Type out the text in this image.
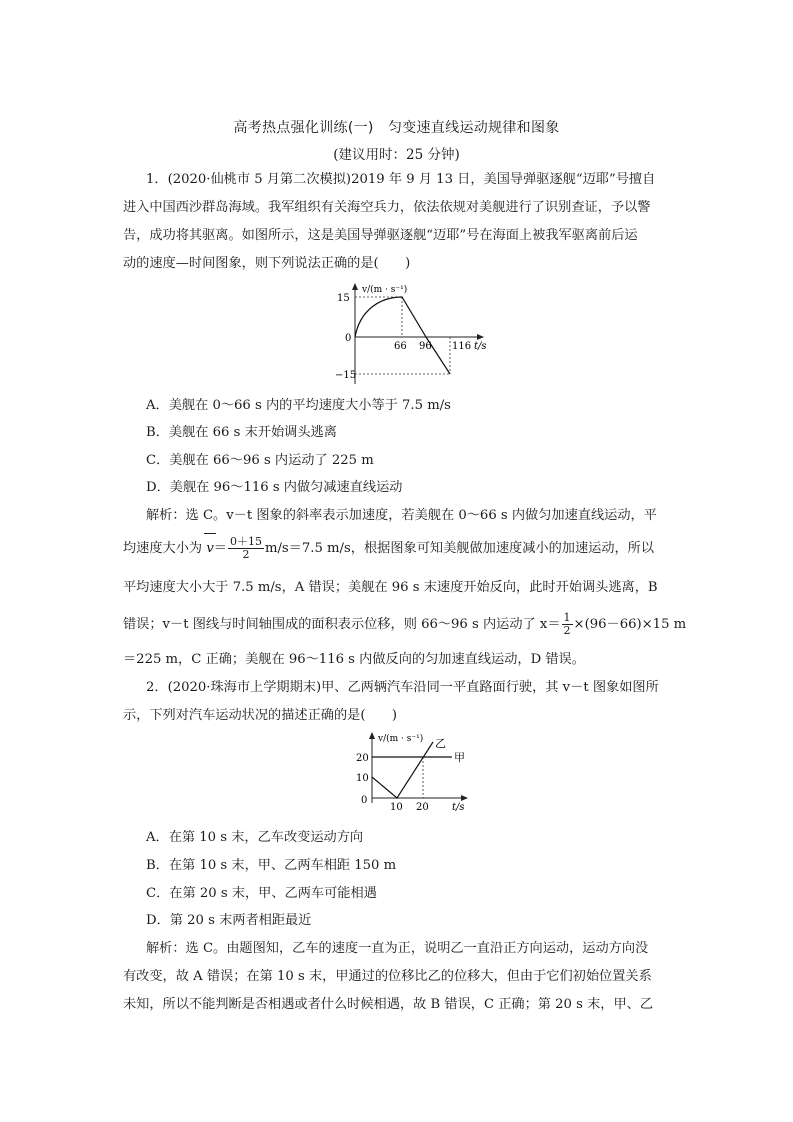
高考热点强化训练(一)　匀变速直线运动规律和图象
(建议用时：25 分钟)
1．(2020·仙桃市 5 月第二次模拟)2019 年 9 月 13 日，美国导弹驱逐舰“迈耶”号擅自
进入中国西沙群岛海域。我军组织有关海空兵力，依法依规对美舰进行了识别查证，予以警
告，成功将其驱离。如图所示，这是美国导弹驱逐舰“迈耶”号在海面上被我军驱离前后运
动的速度—时间图象，则下列说法正确的是(　　)
v/(m · s⁻¹)
15
0
−15
66 96 116 t/s
A．美舰在 0～66 s 内的平均速度大小等于 7.5 m/s
B．美舰在 66 s 末开始调头逃离
C．美舰在 66～96 s 内运动了 225 m
D．美舰在 96～116 s 内做匀减速直线运动
解析：选 C。v－t 图象的斜率表示加速度，若美舰在 0～66 s 内做匀加速直线运动，平
均速度大小为 $v= \frac{0+15}{2} m/s=7.5$ m/s，根据图象可知美舰做加速度减小的加速运动，所以
平均速度大小大于 7.5 m/s，A 错误；美舰在 96 s 末速度开始反向，此时开始调头逃离，B
错误；v－t 图线与时间轴围成的面积表示位移，则 66～96 s 内运动了 $x= \frac{1}{2} \times(96-66)\times 15$ m
＝225 m，C 正确；美舰在 96～116 s 内做反向的匀加速直线运动，D 错误。
2．(2020·珠海市上学期期末)甲、乙两辆汽车沿同一平直路面行驶，其 v－t 图象如图所
示，下列对汽车运动状况的描述正确的是(　　)
v/(m · s⁻¹)
20
10
0
10 20 t/s
乙
甲
A．在第 10 s 末，乙车改变运动方向
B．在第 10 s 末，甲、乙两车相距 150 m
C．在第 20 s 末，甲、乙两车可能相遇
D．第 20 s 末两者相距最近
解析：选 C。由题图知，乙车的速度一直为正，说明乙一直沿正方向运动，运动方向没
有改变，故 A 错误；在第 10 s 末，甲通过的位移比乙的位移大，但由于它们初始位置关系
未知，所以不能判断是否相遇或者什么时候相遇，故 B 错误，C 正确；第 20 s 末，甲、乙
